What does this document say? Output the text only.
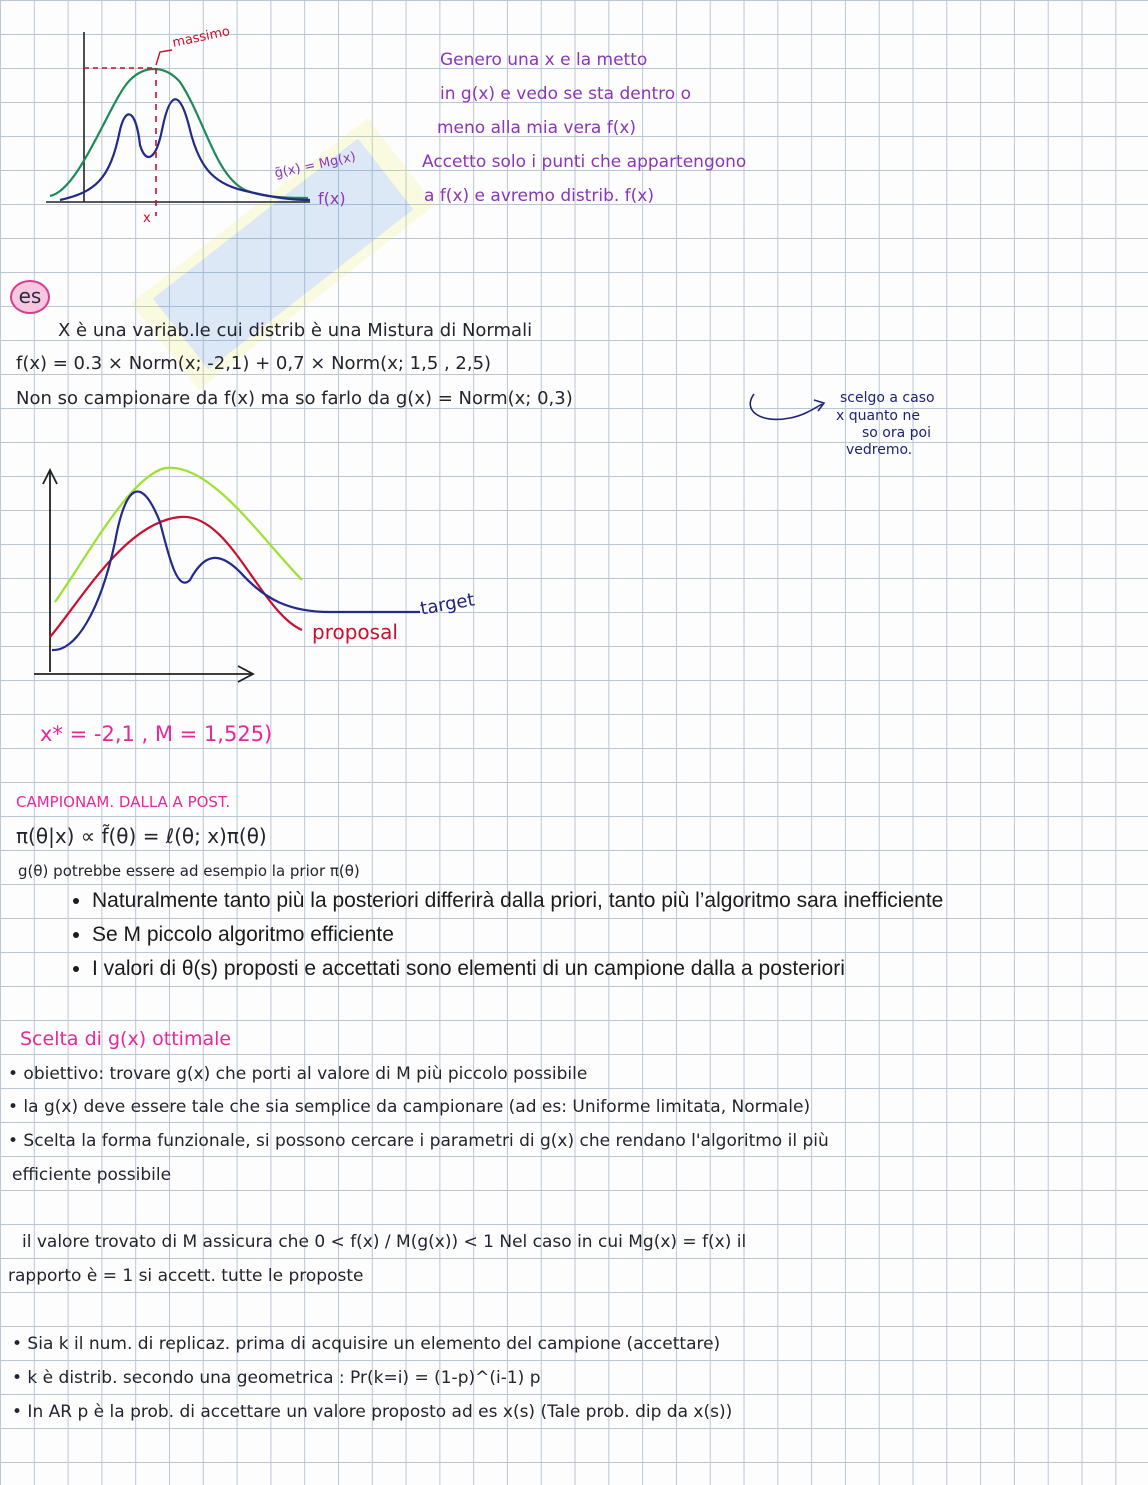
massimo
x
g̃(x) = Mg(x)
f(x)
Genero una x e la metto
in g(x) e vedo se sta dentro o
meno alla mia vera f(x)
Accetto solo i punti che appartengono
a f(x) e avremo distrib. f(x)
es
X è una variab.le cui distrib è una Mistura di Normali
f(x) = 0.3 × Norm(x; -2,1) + 0,7 × Norm(x; 1,5 , 2,5)
Non so campionare da f(x) ma so farlo da g(x) = Norm(x; 0,3)	scelgo a caso
x quanto ne
so ora poi
vedremo.
target
proposal
x* = -2,1 , M = 1,525)
CAMPIONAM. DALLA A POST.
π(θ|x) ∝ f̃(θ) = ℓ(θ; x)π(θ)
g(θ) potrebbe essere ad esempio la prior π(θ)
• Naturalmente tanto più la posteriori differirà dalla priori, tanto più l’algoritmo sara inefficiente
• Se M piccolo algoritmo efficiente
• I valori di θ(s) proposti e accettati sono elementi di un campione dalla a posteriori
Scelta di g(x) ottimale
• obiettivo: trovare g(x) che porti al valore di M più piccolo possibile
• la g(x) deve essere tale che sia semplice da campionare (ad es: Uniforme limitata, Normale)
• Scelta la forma funzionale, si possono cercare i parametri di g(x) che rendano l'algoritmo il più
efficiente possibile
il valore trovato di M assicura che 0 < f(x) / M(g(x)) < 1 Nel caso in cui Mg(x) = f(x) il
rapporto è = 1 si accett. tutte le proposte
• Sia k il num. di replicaz. prima di acquisire un elemento del campione (accettare)
• k è distrib. secondo una geometrica : Pr(k=i) = (1-p)^(i-1) p
• In AR p è la prob. di accettare un valore proposto ad es x(s) (Tale prob. dip da x(s))
